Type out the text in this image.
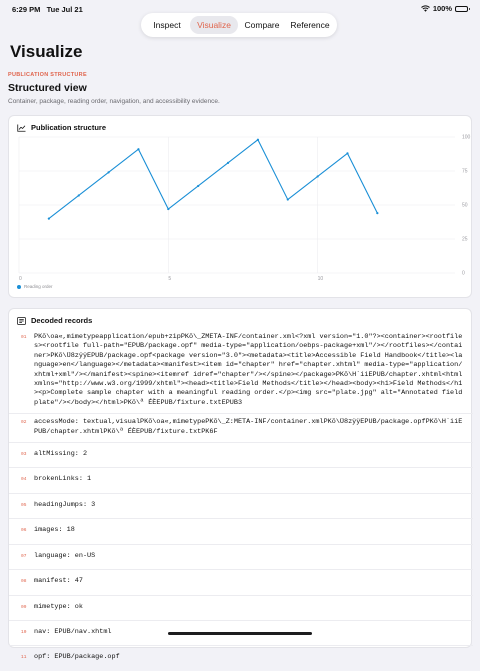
6:29 PM Tue Jul 21	100%
Inspect	Visualize	Compare	Reference
Visualize
PUBLICATION STRUCTURE
Structured view
Container, package, reading order, navigation, and accessibility evidence.
0
25
50
75
100
0	5	10
Publication structure
Reading order
Decoded records
01	PKõ\oa«,mimetypeapplication/epub+zipPKõ\_ZMETA-INF/container.xml<?xml version="1.0"?><container><rootfiles><rootfile full-path="EPUB/package.opf" media-type="application/oebps-package+xml"/></rootfiles></container>PKõ\Ü8zÿÿEPUB/package.opf<package version="3.0"><metadata><title>Accessible Field Handbook</title><language>en</language></metadata><manifest><item id="chapter" href="chapter.xhtml" media-type="application/xhtml+xml"/></manifest><spine><itemref idref="chapter"/></spine></package>PKõ\H`iiEPUB/chapter.xhtml<html xmlns="http://www.w3.org/1999/xhtml"><head><title>Field Methods</title></head><body><h1>Field Methods</h1><p>Complete sample chapter with a meaningful reading order.</p><img src="plate.jpg" alt="Annotated field plate"/></body></html>PKõ\ª ÉÈEPUB/fixture.txtEPUB3
02	accessMode: textual,visualPKõ\oa«,mimetypePKõ\_Z:META-INF/container.xmlPKõ\Ü8zÿÿEPUB/package.opfPKõ\H`iiEPUB/chapter.xhtmlPKõ\ª ÉÈEPUB/fixture.txtPK6F
03	altMissing: 2
04	brokenLinks: 1
05	headingJumps: 3
06	images: 18
07	language: en-US
08	manifest: 47
09	mimetype: ok
10	nav: EPUB/nav.xhtml
11	opf: EPUB/package.opf
